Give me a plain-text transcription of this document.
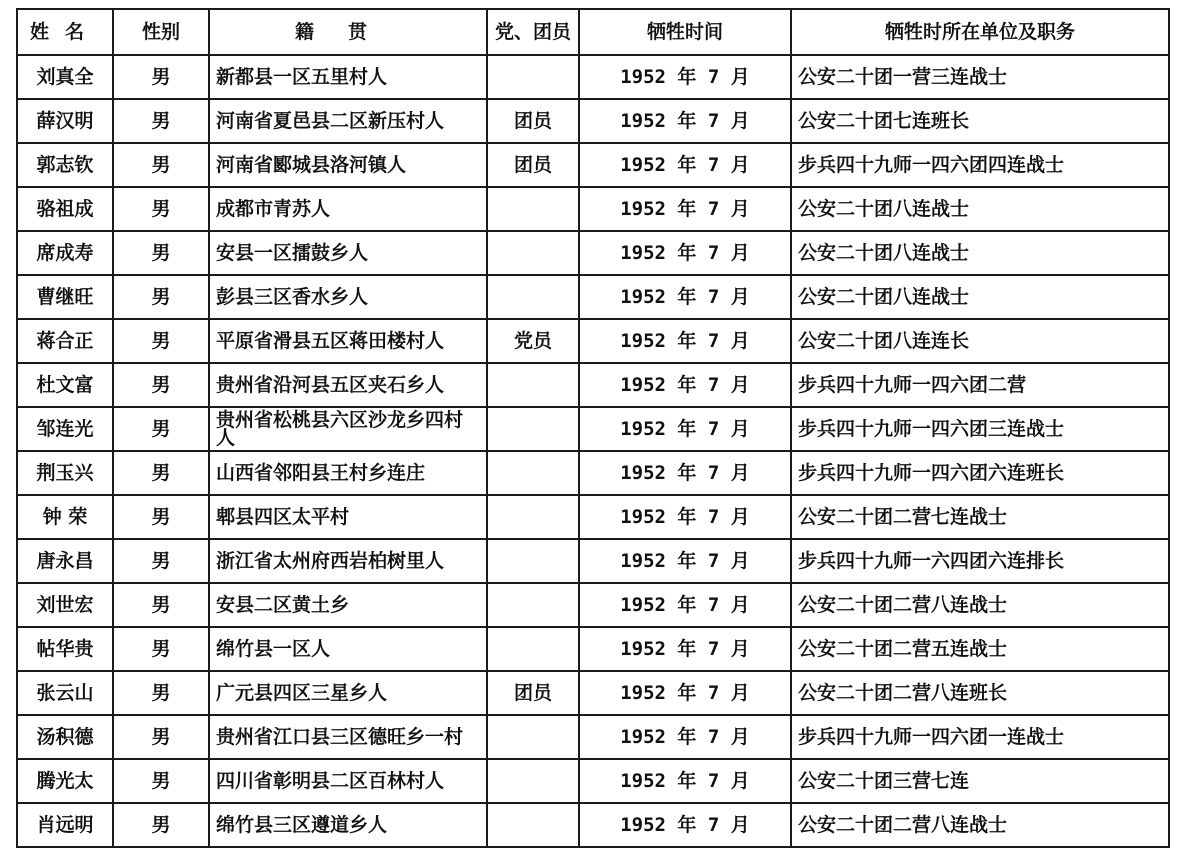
姓名	性别	籍贯	党、团员	牺牲时间	牺牲时所在单位及职务
刘真全	男	新都县一区五里村人		1952 年 7 月	公安二十团一营三连战士
薛汉明	男	河南省夏邑县二区新压村人	团员	1952 年 7 月	公安二十团七连班长
郭志钦	男	河南省郾城县洛河镇人	团员	1952 年 7 月	步兵四十九师一四六团四连战士
骆祖成	男	成都市青苏人		1952 年 7 月	公安二十团八连战士
席成寿	男	安县一区擂鼓乡人		1952 年 7 月	公安二十团八连战士
曹继旺	男	彭县三区香水乡人		1952 年 7 月	公安二十团八连战士
蒋合正	男	平原省滑县五区蒋田楼村人	党员	1952 年 7 月	公安二十团八连连长
杜文富	男	贵州省沿河县五区夹石乡人		1952 年 7 月	步兵四十九师一四六团二营
邹连光	男	贵州省松桃县六区沙龙乡四村人		1952 年 7 月	步兵四十九师一四六团三连战士
荆玉兴	男	山西省邻阳县王村乡连庄		1952 年 7 月	步兵四十九师一四六团六连班长
钟 荣	男	郫县四区太平村		1952 年 7 月	公安二十团二营七连战士
唐永昌	男	浙江省太州府西岩柏树里人		1952 年 7 月	步兵四十九师一六四团六连排长
刘世宏	男	安县二区黄土乡		1952 年 7 月	公安二十团二营八连战士
帖华贵	男	绵竹县一区人		1952 年 7 月	公安二十团二营五连战士
张云山	男	广元县四区三星乡人	团员	1952 年 7 月	公安二十团二营八连班长
汤积德	男	贵州省江口县三区德旺乡一村		1952 年 7 月	步兵四十九师一四六团一连战士
腾光太	男	四川省彰明县二区百林村人		1952 年 7 月	公安二十团三营七连
肖远明	男	绵竹县三区遵道乡人		1952 年 7 月	公安二十团二营八连战士
